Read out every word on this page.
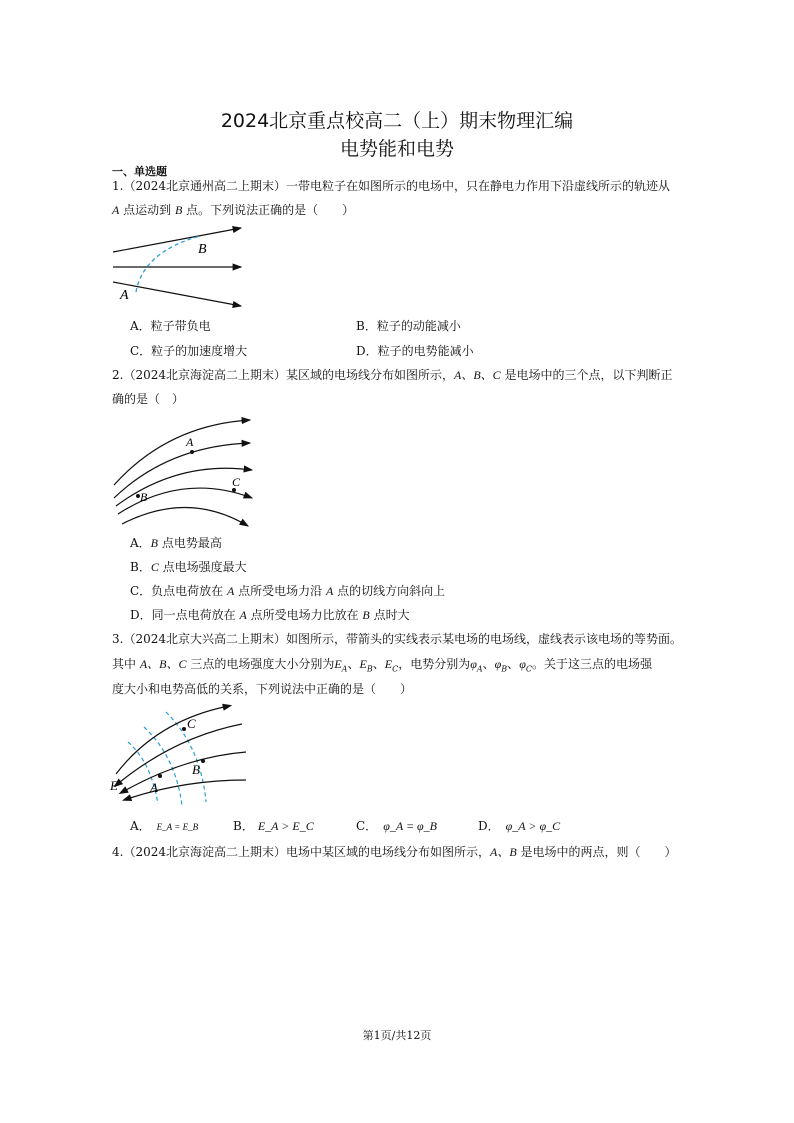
2024北京重点校高二（上）期末物理汇编
电势能和电势
一、单选题
1.（2024北京通州高二上期末）一带电粒子在如图所示的电场中，只在静电力作用下沿虚线所示的轨迹从
A 点运动到 B 点。下列说法正确的是（　　）
A
B
A．粒子带负电	B．粒子的动能减小
C．粒子的加速度增大	D．粒子的电势能减小
2.（2024北京海淀高二上期末）某区域的电场线分布如图所示，A、B、C 是电场中的三个点，以下判断正
确的是（　）
A
B
C
A．B 点电势最高
B．C 点电场强度最大
C．负点电荷放在 A 点所受电场力沿 A 点的切线方向斜向上
D．同一点电荷放在 A 点所受电场力比放在 B 点时大
3.（2024北京大兴高二上期末）如图所示，带箭头的实线表示某电场的电场线，虚线表示该电场的等势面。
其中 A、B、C 三点的电场强度大小分别为$E_A$、$E_B$、$E_C$，电势分别为$\varphi_A$、$\varphi_B$、$\varphi_C$。关于这三点的电场强
度大小和电势高低的关系，下列说法中正确的是（　　）
C
A
B
E
A． E_A = E_B	B． E_A > E_C	C． φ_A = φ_B	D． φ_A > φ_C
4.（2024北京海淀高二上期末）电场中某区域的电场线分布如图所示，A、B 是电场中的两点，则（　　）
第1页/共12页
